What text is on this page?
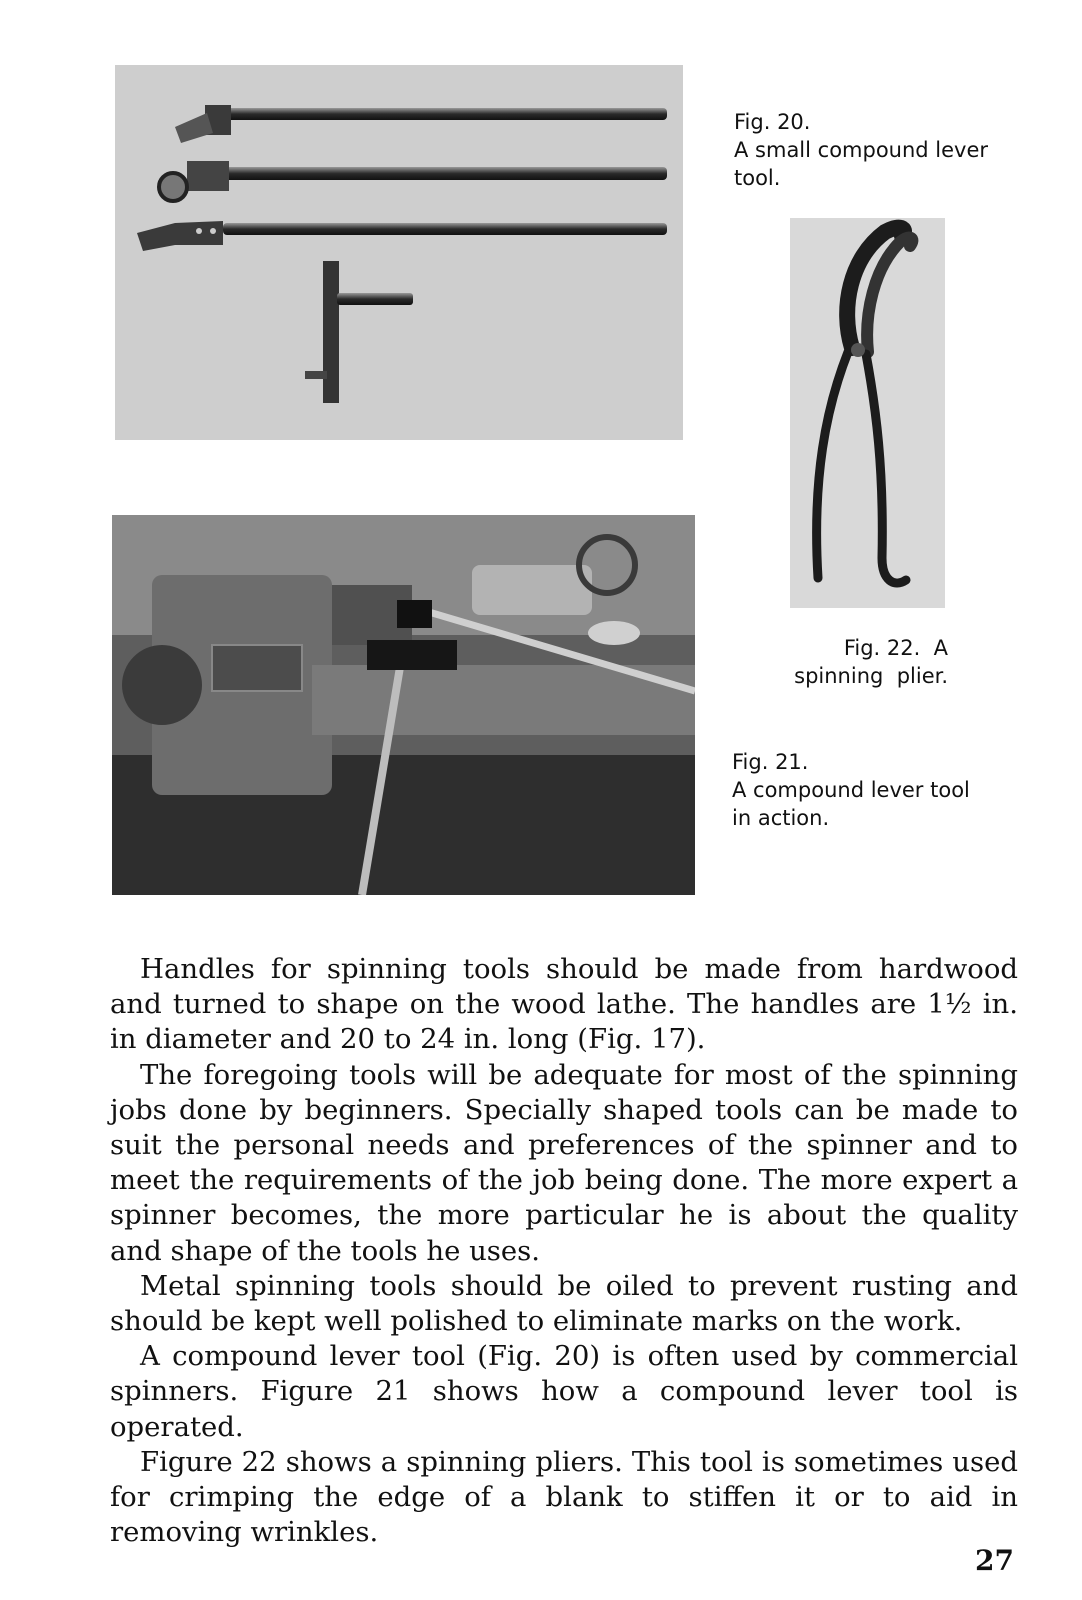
Fig. 20.
A small compound lever
tool.
Fig. 22.  A
spinning  plier.
Fig. 21.
A compound lever tool
in action.

Handles for spinning tools should be made from hardwood and turned to shape on the wood lathe. The handles are 1½ in. in diameter and 20 to 24 in. long (Fig. 17).

The foregoing tools will be adequate for most of the spinning jobs done by beginners. Specially shaped tools can be made to suit the personal needs and preferences of the spinner and to meet the requirements of the job being done. The more expert a spinner becomes, the more particular he is about the quality and shape of the tools he uses.

Metal spinning tools should be oiled to prevent rusting and should be kept well polished to eliminate marks on the work.

A compound lever tool (Fig. 20) is often used by commercial spinners. Figure 21 shows how a compound lever tool is operated.

Figure 22 shows a spinning pliers. This tool is sometimes used for crimping the edge of a blank to stiffen it or to aid in removing wrinkles.

27
